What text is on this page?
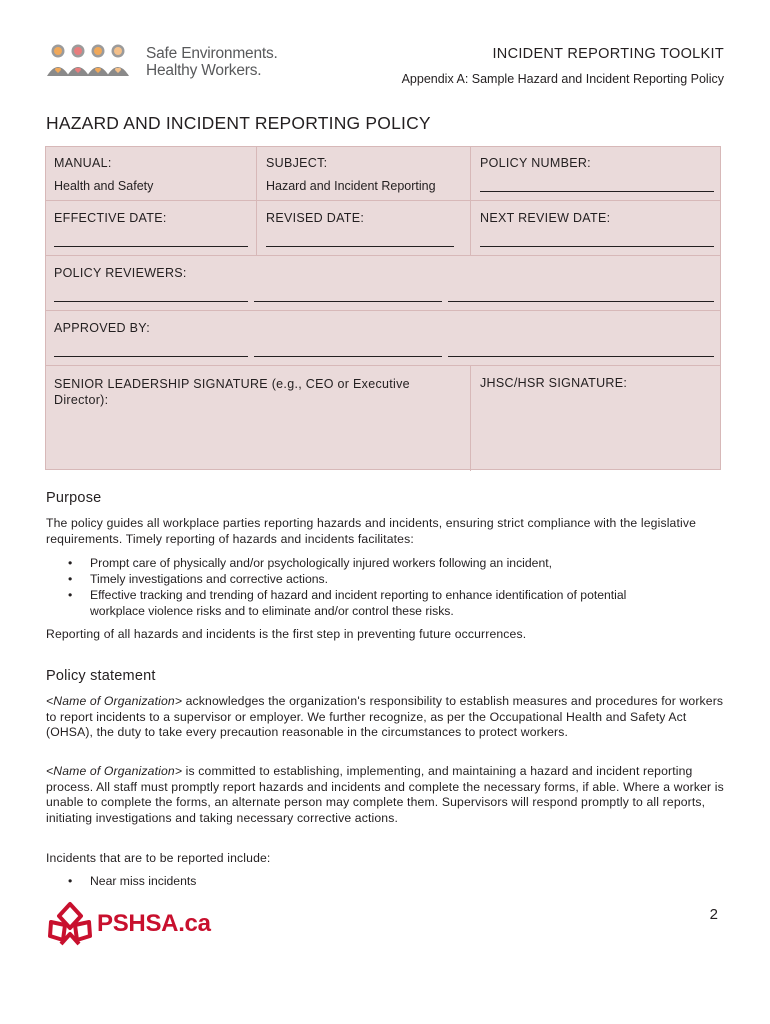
Safe Environments.
Healthy Workers.
INCIDENT REPORTING TOOLKIT
Appendix A: Sample Hazard and Incident Reporting Policy
HAZARD AND INCIDENT REPORTING POLICY
MANUAL:
Health and Safety
SUBJECT:
Hazard and Incident Reporting
POLICY NUMBER:
EFFECTIVE DATE:	REVISED DATE:	NEXT REVIEW DATE:
POLICY REVIEWERS:
APPROVED BY:
SENIOR LEADERSHIP SIGNATURE (e.g., CEO or Executive Director):
JHSC/HSR SIGNATURE:
Purpose
The policy guides all workplace parties reporting hazards and incidents, ensuring strict compliance with the legislative requirements. Timely reporting of hazards and incidents facilitates:
• Prompt care of physically and/or psychologically injured workers following an incident,
• Timely investigations and corrective actions.
• Effective tracking and trending of hazard and incident reporting to enhance identification of potential workplace violence risks and to eliminate and/or control these risks.
Reporting of all hazards and incidents is the first step in preventing future occurrences.
Policy statement
<Name of Organization> acknowledges the organization's responsibility to establish measures and procedures for workers to report incidents to a supervisor or employer. We further recognize, as per the Occupational Health and Safety Act (OHSA), the duty to take every precaution reasonable in the circumstances to protect workers.
<Name of Organization> is committed to establishing, implementing, and maintaining a hazard and incident reporting process. All staff must promptly report hazards and incidents and complete the necessary forms, if able. Where a worker is unable to complete the forms, an alternate person may complete them. Supervisors will respond promptly to all reports, initiating investigations and taking necessary corrective actions.
Incidents that are to be reported include:
• Near miss incidents
PSHSA.ca	2
